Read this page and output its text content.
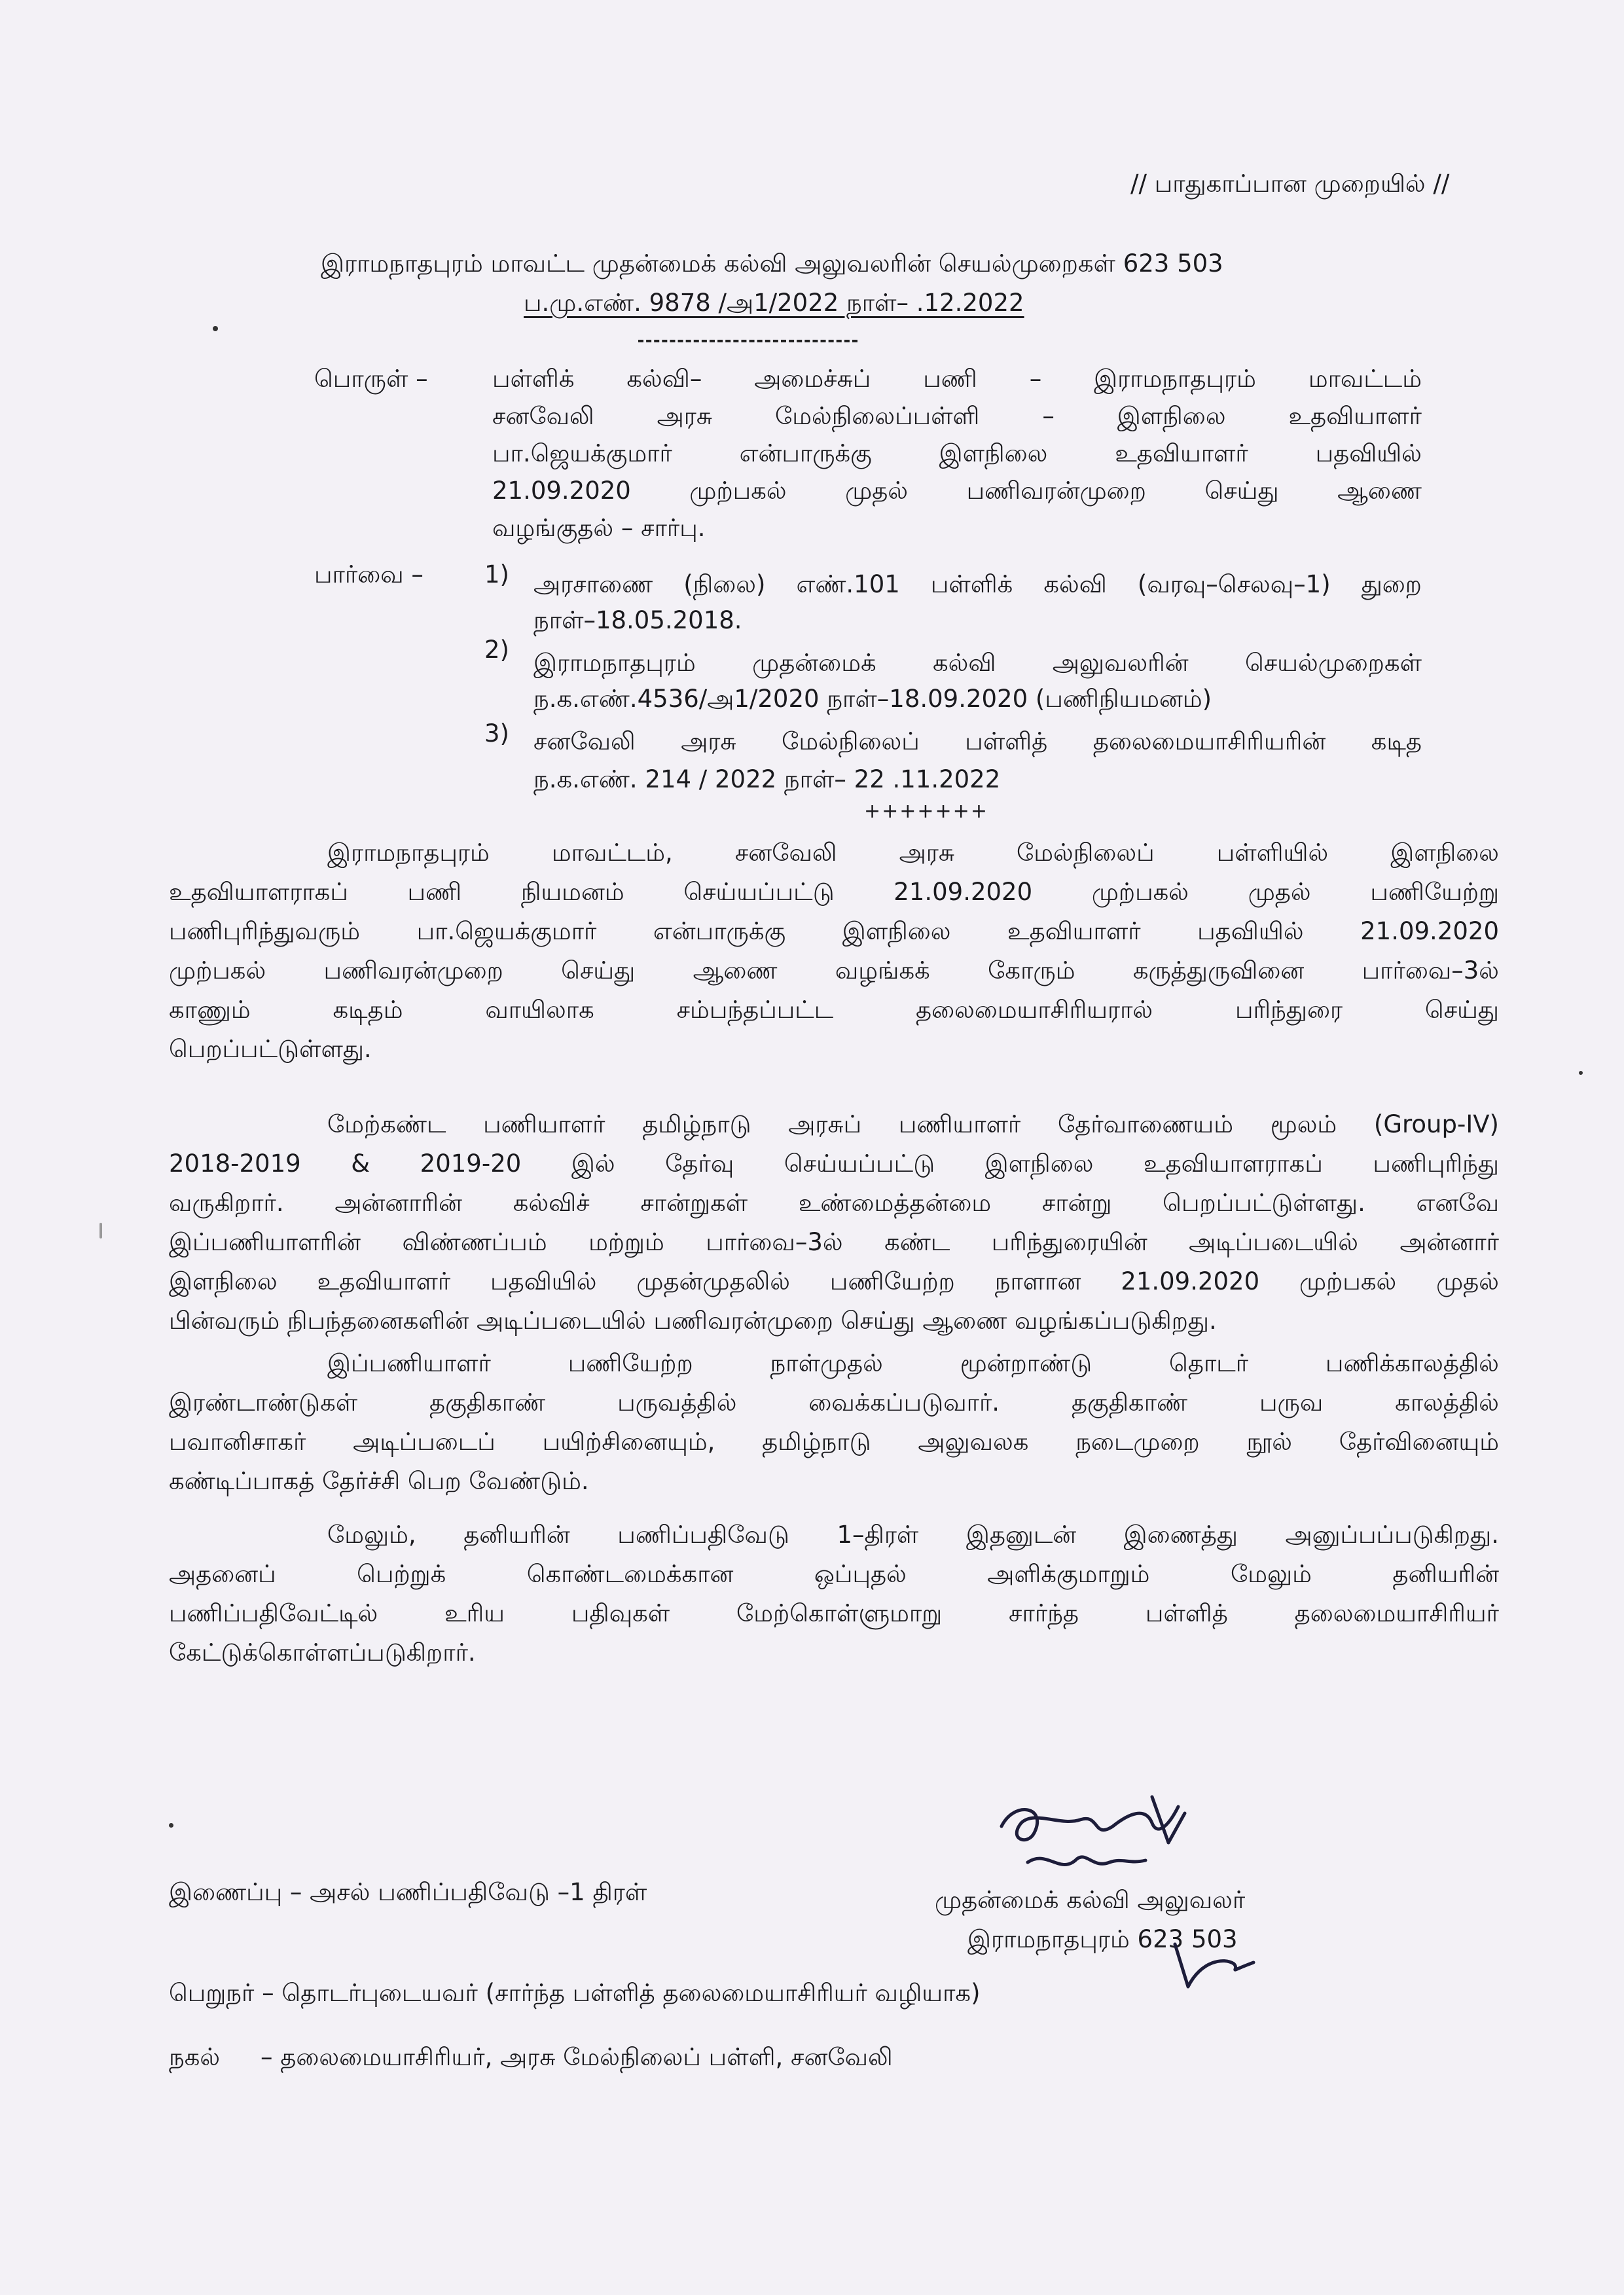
// பாதுகாப்பான முறையில் //
இராமநாதபுரம் மாவட்ட முதன்மைக் கல்வி அலுவலரின் செயல்முறைகள் 623 503
ப.மு.எண். 9878 /அ1/2022 நாள்– .12.2022
பொருள் –	பள்ளிக் கல்வி– அமைச்சுப் பணி – இராமநாதபுரம் மாவட்டம்
சனவேலி அரசு மேல்நிலைப்பள்ளி – இளநிலை உதவியாளர்
பா.ஜெயக்குமார் என்பாருக்கு இளநிலை உதவியாளர் பதவியில்
21.09.2020 முற்பகல் முதல் பணிவரன்முறை செய்து ஆணை
வழங்குதல் – சார்பு.
பார்வை –	1) அரசாணை (நிலை) எண்.101 பள்ளிக் கல்வி (வரவு–செலவு–1) துறை
நாள்–18.05.2018.
2) இராமநாதபுரம் முதன்மைக் கல்வி அலுவலரின் செயல்முறைகள்
ந.க.எண்.4536/அ1/2020 நாள்–18.09.2020 (பணிநியமனம்)
3) சனவேலி அரசு மேல்நிலைப் பள்ளித் தலைமையாசிரியரின் கடித
ந.க.எண். 214 / 2022 நாள்– 22 .11.2022
+++++++
இராமநாதபுரம் மாவட்டம், சனவேலி அரசு மேல்நிலைப் பள்ளியில் இளநிலை
உதவியாளராகப் பணி நியமனம் செய்யப்பட்டு 21.09.2020 முற்பகல் முதல் பணியேற்று
பணிபுரிந்துவரும் பா.ஜெயக்குமார் என்பாருக்கு இளநிலை உதவியாளர் பதவியில் 21.09.2020
முற்பகல் பணிவரன்முறை செய்து ஆணை வழங்கக் கோரும் கருத்துருவினை பார்வை–3ல்
காணும் கடிதம் வாயிலாக சம்பந்தப்பட்ட தலைமையாசிரியரால் பரிந்துரை செய்து
பெறப்பட்டுள்ளது.
மேற்கண்ட பணியாளர் தமிழ்நாடு அரசுப் பணியாளர் தேர்வாணையம் மூலம் (Group-IV)
2018-2019 & 2019-20 இல் தேர்வு செய்யப்பட்டு இளநிலை உதவியாளராகப் பணிபுரிந்து
வருகிறார். அன்னாரின் கல்விச் சான்றுகள் உண்மைத்தன்மை சான்று பெறப்பட்டுள்ளது. எனவே
இப்பணியாளரின் விண்ணப்பம் மற்றும் பார்வை–3ல் கண்ட பரிந்துரையின் அடிப்படையில் அன்னார்
இளநிலை உதவியாளர் பதவியில் முதன்முதலில் பணியேற்ற நாளான 21.09.2020 முற்பகல் முதல்
பின்வரும் நிபந்தனைகளின் அடிப்படையில் பணிவரன்முறை செய்து ஆணை வழங்கப்படுகிறது.
இப்பணியாளர் பணியேற்ற நாள்முதல் மூன்றாண்டு தொடர் பணிக்காலத்தில்
இரண்டாண்டுகள் தகுதிகாண் பருவத்தில் வைக்கப்படுவார். தகுதிகாண் பருவ காலத்தில்
பவானிசாகர் அடிப்படைப் பயிற்சினையும், தமிழ்நாடு அலுவலக நடைமுறை நூல் தேர்வினையும்
கண்டிப்பாகத் தேர்ச்சி பெற வேண்டும்.
மேலும், தனியரின் பணிப்பதிவேடு 1–திரள் இதனுடன் இணைத்து அனுப்பப்படுகிறது.
அதனைப் பெற்றுக் கொண்டமைக்கான ஒப்புதல் அளிக்குமாறும் மேலும் தனியரின்
பணிப்பதிவேட்டில் உரிய பதிவுகள் மேற்கொள்ளுமாறு சார்ந்த பள்ளித் தலைமையாசிரியர்
கேட்டுக்கொள்ளப்படுகிறார்.
இணைப்பு – அசல் பணிப்பதிவேடு –1 திரள்	முதன்மைக் கல்வி அலுவலர்
இராமநாதபுரம் 623 503
பெறுநர் – தொடர்புடையவர் (சார்ந்த பள்ளித் தலைமையாசிரியர் வழியாக)
நகல் – தலைமையாசிரியர், அரசு மேல்நிலைப் பள்ளி, சனவேலி
